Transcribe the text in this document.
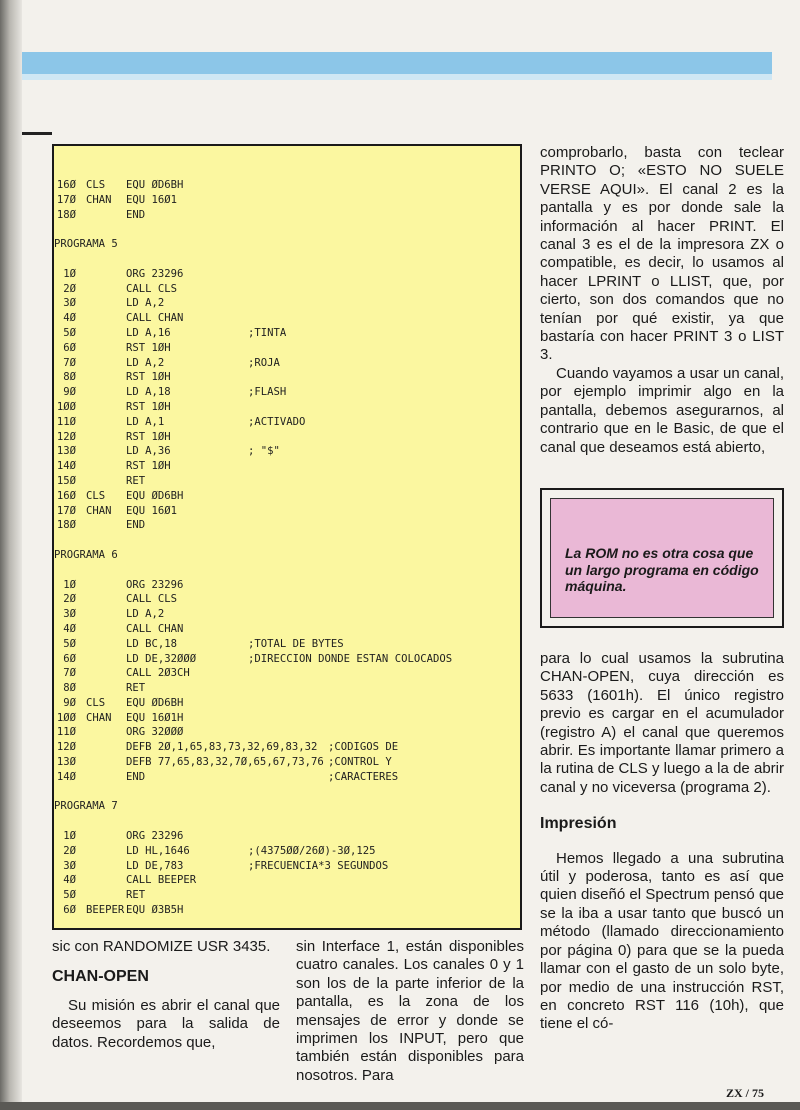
16Ø CLS EQU ØD6BH
17Ø CHAN EQU 16Ø1
18Ø	END
PROGRAMA 5
1Ø	ORG 23296
2Ø	CALL CLS
3Ø	LD A,2
4Ø	CALL CHAN
5Ø	LD A,16	;TINTA
6Ø	RST 1ØH
7Ø	LD A,2	;ROJA
8Ø	RST 1ØH
9Ø	LD A,18	;FLASH
1ØØ	RST 1ØH
11Ø	LD A,1	;ACTIVADO
12Ø	RST 1ØH
13Ø	LD A,36	; "$"
14Ø	RST 1ØH
15Ø	RET
16Ø CLS EQU ØD6BH
17Ø CHAN EQU 16Ø1
18Ø	END
PROGRAMA 6
1Ø	ORG 23296
2Ø	CALL CLS
3Ø	LD A,2
4Ø	CALL CHAN
5Ø	LD BC,18	;TOTAL DE BYTES
6Ø	LD DE,32ØØØ	;DIRECCION DONDE ESTAN COLOCADOS
7Ø	CALL 2Ø3CH
8Ø	RET
9Ø CLS EQU ØD6BH
1ØØ CHAN EQU 16Ø1H
11Ø	ORG 32ØØØ
12Ø	DEFB 2Ø,1,65,83,73,32,69,83,32 ;CODIGOS DE
13Ø	DEFB 77,65,83,32,7Ø,65,67,73,76 ;CONTROL Y
14Ø	END	;CARACTERES
PROGRAMA 7
1Ø	ORG 23296
2Ø	LD HL,1646	;(4375ØØ/26Ø)-3Ø,125
3Ø	LD DE,783	;FRECUENCIA*3 SEGUNDOS
4Ø	CALL BEEPER
5Ø	RET
6Ø BEEPER EQU Ø3B5H

comprobarlo, basta con teclear PRINTO O; «ESTO NO SUELE VERSE AQUI». El canal 2 es la pantalla y es por donde sale la información al hacer PRINT. El canal 3 es el de la impresora ZX o compatible, es decir, lo usamos al hacer LPRINT o LLIST, que, por cierto, son dos comandos que no tenían por qué existir, ya que bastaría con hacer PRINT 3 o LIST 3.

Cuando vayamos a usar un canal, por ejemplo imprimir algo en la pantalla, debemos asegurarnos, al contrario que en le Basic, de que el canal que deseamos está abierto,

La ROM no es otra cosa que un largo programa en código máquina.

para lo cual usamos la subrutina CHAN-OPEN, cuya dirección es 5633 (1601h). El único registro previo es cargar en el acumulador (registro A) el canal que queremos abrir. Es importante llamar primero a la rutina de CLS y luego a la de abrir canal y no viceversa (programa 2).

Impresión

Hemos llegado a una subrutina útil y poderosa, tanto es así que quien diseñó el Spectrum pensó que se la iba a usar tanto que buscó un método (llamado direccionamiento por página 0) para que se la pueda llamar con el gasto de un solo byte, por medio de una instrucción RST, en concreto RST 116 (10h), que tiene el có-

sic con RANDOMIZE USR 3435.

CHAN-OPEN

Su misión es abrir el canal que deseemos para la salida de datos. Recordemos que,

sin Interface 1, están disponibles cuatro canales. Los canales 0 y 1 son los de la parte inferior de la pantalla, es la zona de los mensajes de error y donde se imprimen los INPUT, pero que también están disponibles para nosotros. Para

ZX / 75
